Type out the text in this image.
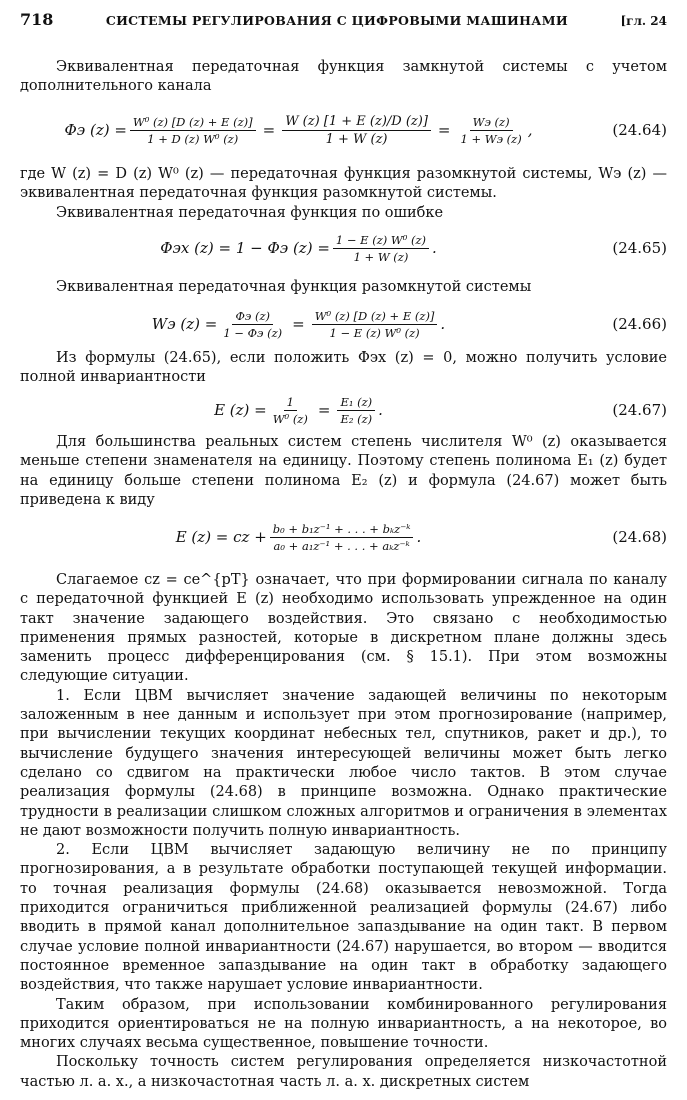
718	СИСТЕМЫ РЕГУЛИРОВАНИЯ С ЦИФРОВЫМИ МАШИНАМИ	[гл. 24

Эквивалентная передаточная функция замкнутой системы с учетом дополнительного канала

Φэ $(z) = \frac{\text{W⁰ (z) [D (z) + E (z)]}}{\text{1 + D (z) W⁰ (z)}} = \frac{W (z) [1 + E (z)/D (z)]}{1 + W (z)} = \frac{Wэ (z)}{1 + Wэ (z)}$ ,	(24.64)

где W (z) = D (z) W⁰ (z) — передаточная функция разомкнутой системы, Wэ (z) — эквивалентная передаточная функция разомкнутой системы.

Эквивалентная передаточная функция по ошибке

Φэх (z) = 1 − Φэ $(z) = \frac{\text{1 − E (z) W⁰ (z)}}{1 + W (z)}$ .	(24.65)

Эквивалентная передаточная функция разомкнутой системы

Wэ $(z) = \frac{\Phi э (z)}{1 - \Phi э (z)} = \frac{\text{W⁰ (z) [D (z) + E (z)]}}{\text{1 − E (z) W⁰ (z)}}$ .	(24.66)

Из формулы (24.65), если положить Φэх (z) = 0, можно получить условие полной инвариантности

E $(z) = \frac{1}{\text{W⁰ (z)}} = \frac{\text{E₁ (z)}}{\text{E₂ (z)}}$ .	(24.67)

Для большинства реальных систем степень числителя W⁰ (z) оказывается меньше степени знаменателя на единицу. Поэтому степень полинома E₁ (z) будет на единицу больше степени полинома E₂ (z) и формула (24.67) может быть приведена к виду

E (z) = cz + $\frac{\text{b₀ + b₁z⁻¹ + . . . + bₖz⁻ᵏ}}{\text{a₀ + a₁z⁻¹ + . . . + aₖz⁻ᵏ}}$ .	(24.68)

Слагаемое cz = ce^{pT} означает, что при формировании сигнала по каналу с передаточной функцией E (z) необходимо использовать упрежденное на один такт значение задающего воздействия. Это связано с необходимостью применения прямых разностей, которые в дискретном плане должны здесь заменить процесс дифференцирования (см. § 15.1). При этом возможны следующие ситуации.

1. Если ЦВМ вычисляет значение задающей величины по некоторым заложенным в нее данным и использует при этом прогнозирование (например, при вычислении текущих координат небесных тел, спутников, ракет и др.), то вычисление будущего значения интересующей величины может быть легко сделано со сдвигом на практически любое число тактов. В этом случае реализация формулы (24.68) в принципе возможна. Однако практические трудности в реализации слишком сложных алгоритмов и ограничения в элементах не дают возможности получить полную инвариантность.

2. Если ЦВМ вычисляет задающую величину не по принципу прогнозирования, а в результате обработки поступающей текущей информации. то точная реализация формулы (24.68) оказывается невозможной. Тогда приходится ограничиться приближенной реализацией формулы (24.67) либо вводить в прямой канал дополнительное запаздывание на один такт. В первом случае условие полной инвариантности (24.67) нарушается, во втором — вводится постоянное временное запаздывание на один такт в обработку задающего воздействия, что также нарушает условие инвариантности.

Таким образом, при использовании комбинированного регулирования приходится ориентироваться не на полную инвариантность, а на некоторое, во многих случаях весьма существенное, повышение точности.

Поскольку точность систем регулирования определяется низкочастотной частью л. а. х., а низкочастотная часть л. а. х. дискретных систем
